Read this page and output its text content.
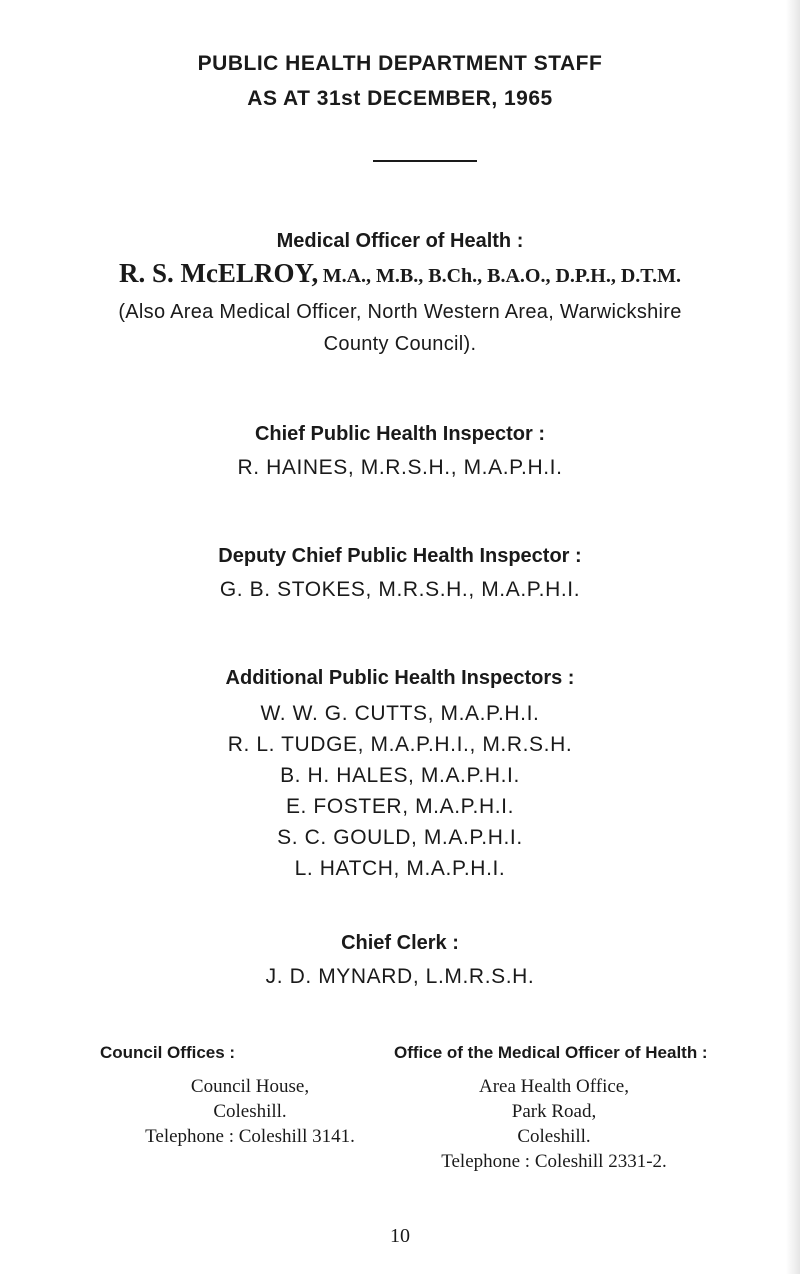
PUBLIC HEALTH DEPARTMENT STAFF
AS AT 31st DECEMBER, 1965
Medical Officer of Health :
R. S. McELROY, M.A., M.B., B.Ch., B.A.O., D.P.H., D.T.M.
(Also Area Medical Officer, North Western Area, Warwickshire
County Council).
Chief Public Health Inspector :
R. HAINES, M.R.S.H., M.A.P.H.I.
Deputy Chief Public Health Inspector :
G. B. STOKES, M.R.S.H., M.A.P.H.I.
Additional Public Health Inspectors :
W. W. G. CUTTS, M.A.P.H.I.
R. L. TUDGE, M.A.P.H.I., M.R.S.H.
B. H. HALES, M.A.P.H.I.
E. FOSTER, M.A.P.H.I.
S. C. GOULD, M.A.P.H.I.
L. HATCH, M.A.P.H.I.
Chief Clerk :
J. D. MYNARD, L.M.R.S.H.
Council Offices :
Council House,
Coleshill.
Telephone : Coleshill 3141.
Office of the Medical Officer of Health :
Area Health Office,
Park Road,
Coleshill.
Telephone : Coleshill 2331-2.
10
